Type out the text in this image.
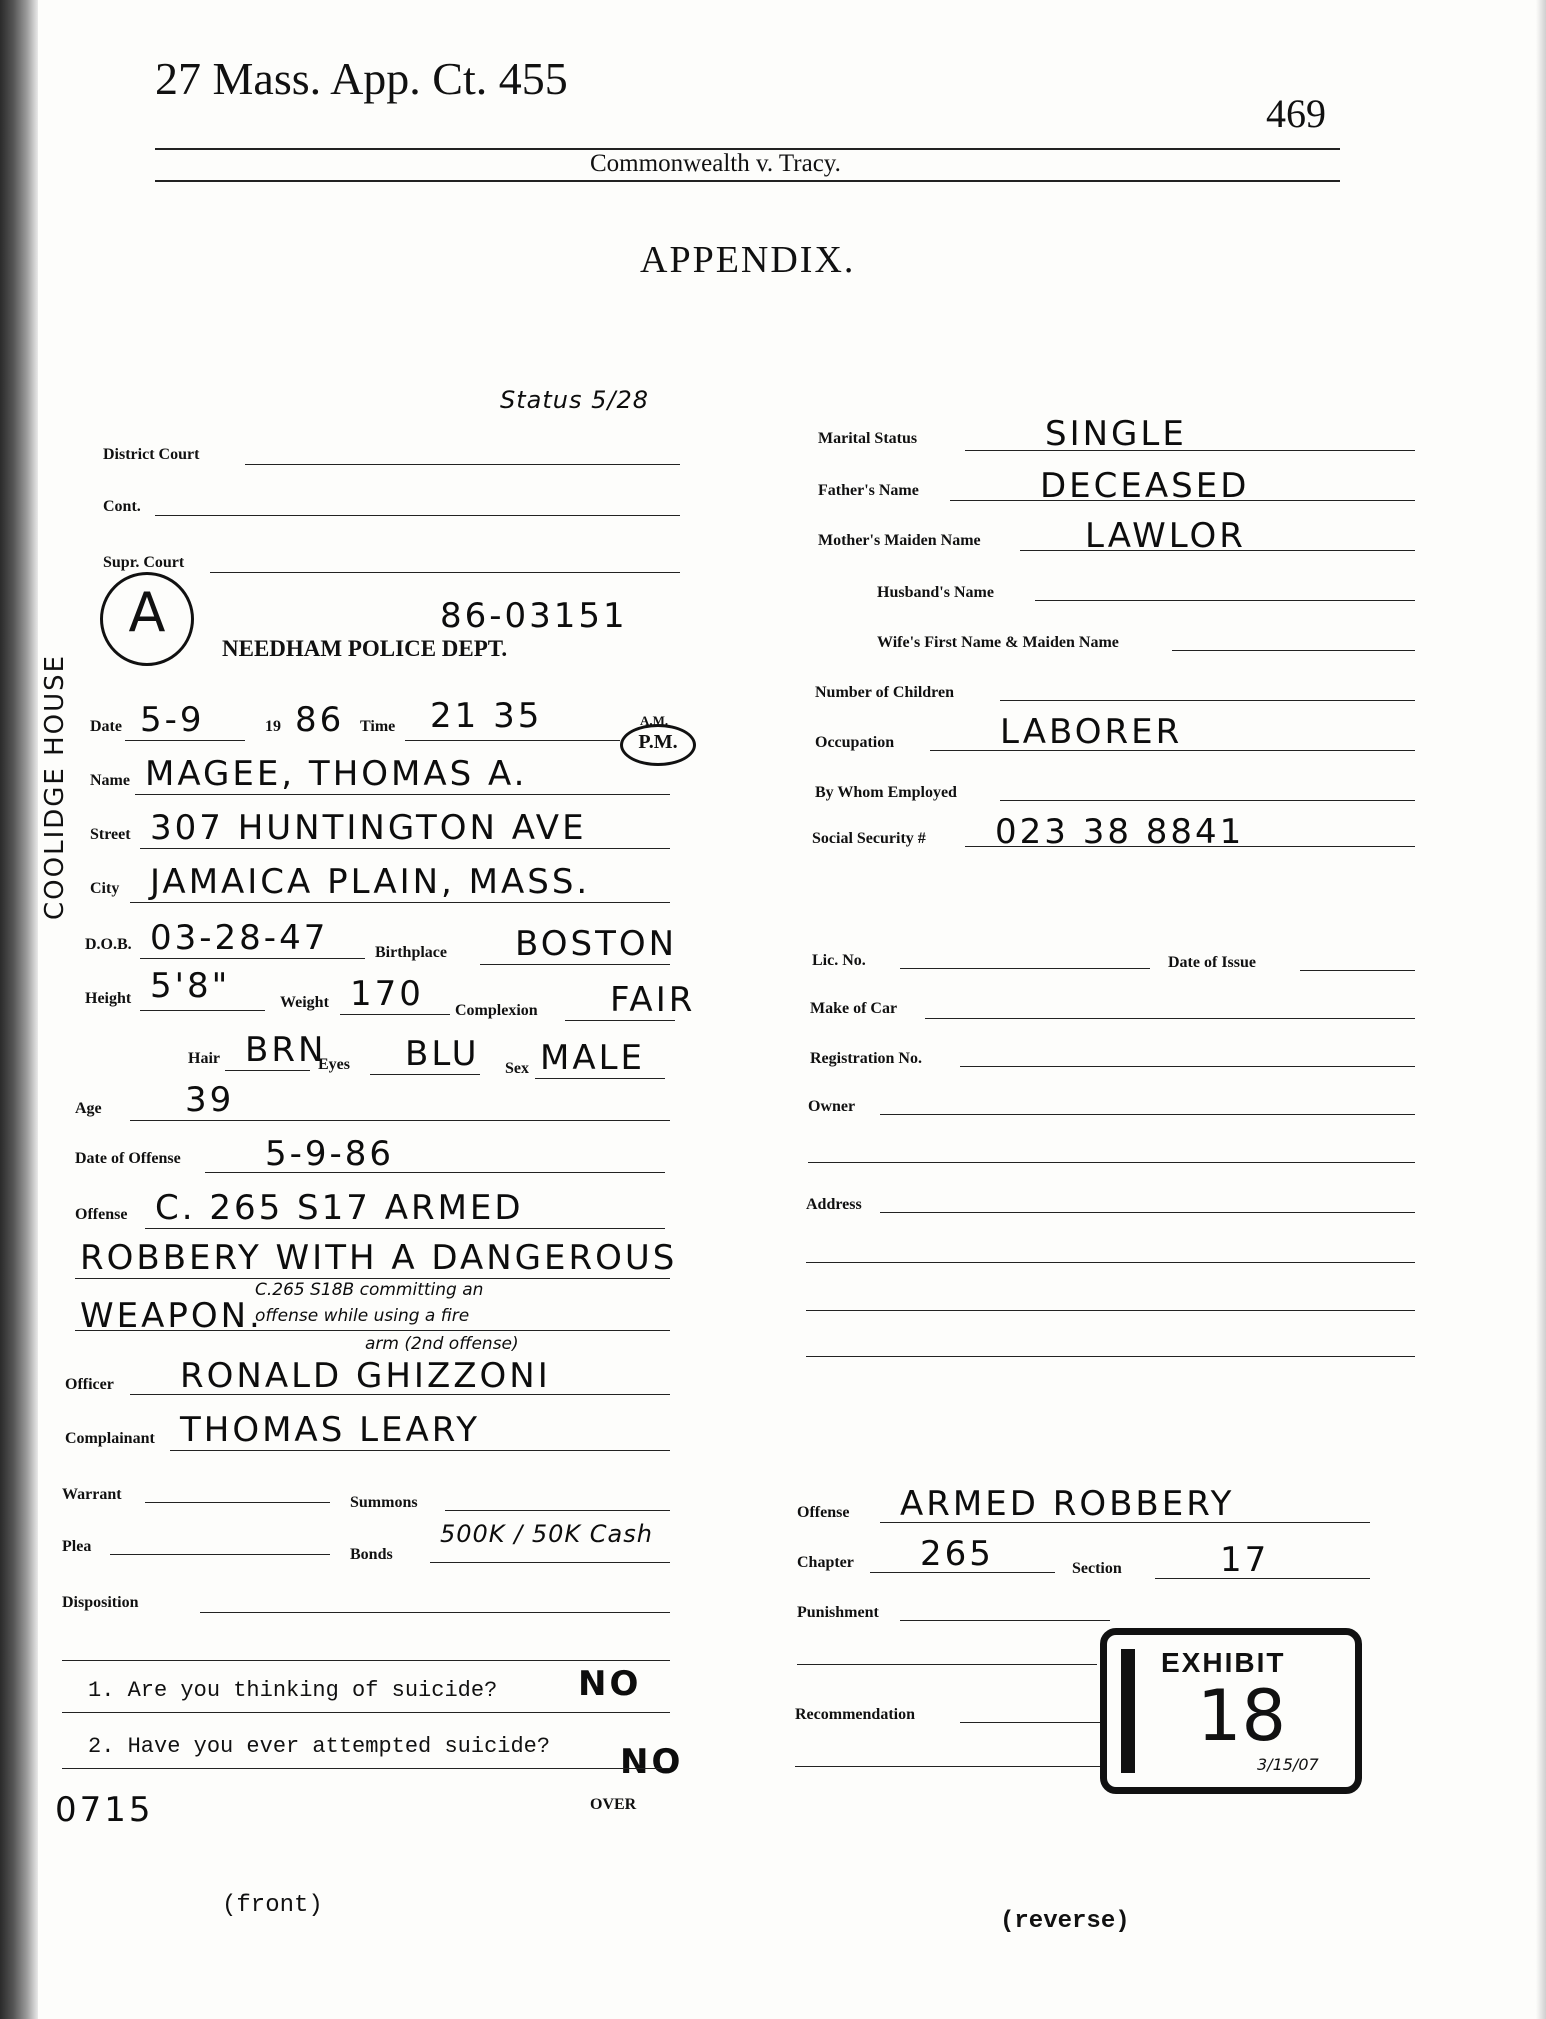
27 Mass. App. Ct. 455
469
Commonwealth v. Tracy.
APPENDIX.
COOLIDGE HOUSE
Status 5/28
District Court
Cont.
Supr. Court
A	86-03151
NEEDHAM POLICE DEPT.
Date 5-9	19 86 Time 21 35	A.M.
P.M.
Name MAGEE, THOMAS A.
Street 307 HUNTINGTON AVE
City JAMAICA PLAIN, MASS.
D.O.B. 03-28-47	Birthplace BOSTON
Height 5'8"	Weight 170 Complexion FAIR
Hair BRN
Eyes BLU Sex MALE
Age 39
Date of Offense 5-9-86
Offense C. 265 S17 ARMED
ROBBERY WITH A DANGEROUS
C.265 S18B committing an
WEAPON.
offense while using a fire
arm (2nd offense)
Officer RONALD GHIZZONI
Complainant THOMAS LEARY
Warrant	Summons
Plea	Bonds
500K / 50K Cash
Disposition
1. Are you thinking of suicide? NO
2. Have you ever attempted suicide? NO
0715	OVER
(front)
Marital Status	SINGLE
Father's Name	DECEASED
Mother's Maiden Name	LAWLOR
Husband's Name
Wife's First Name & Maiden Name
Number of Children
Occupation	LABORER
By Whom Employed
Social Security # 023 38 8841
Lic. No.	Date of Issue
Make of Car
Registration No.
Owner
Address
Offense ARMED ROBBERY
Chapter 265	Section	17
Punishment
Recommendation
(reverse)
EXHIBIT
18
3/15/07
